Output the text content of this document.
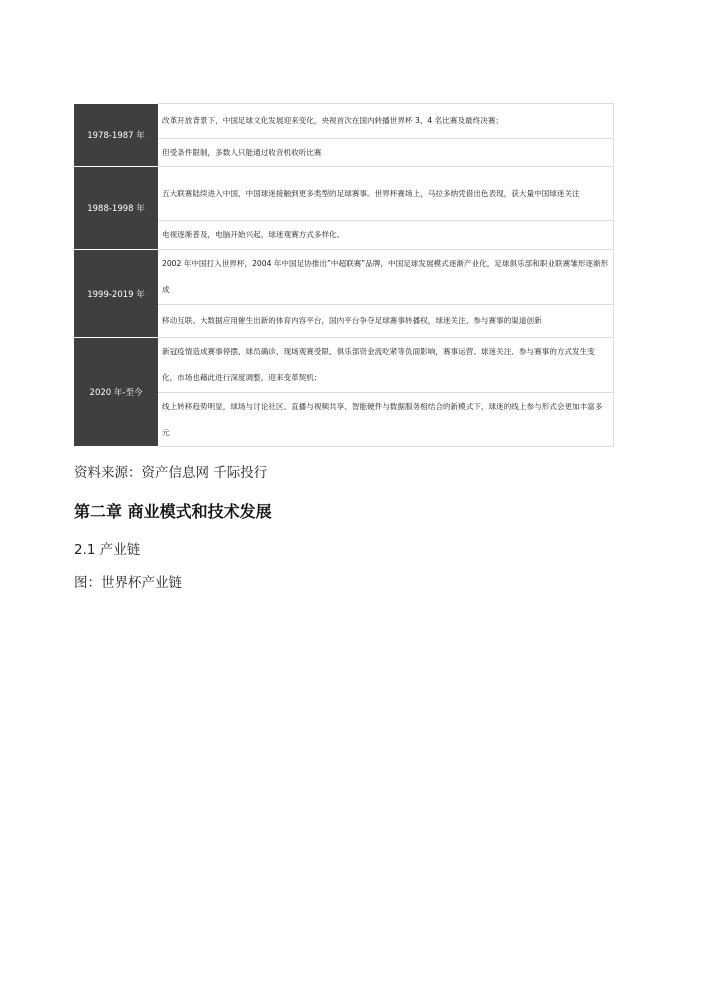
1978-1987 年	改革开放背景下，中国足球文化发展迎来变化，央视首次在国内转播世界杯 3、4 名比赛及最终决赛；
	但受条件限制，多数人只能通过收音机收听比赛
1988-1998 年	五大联赛陆续进入中国，中国球迷接触到更多类型的足球赛事。世界杯赛场上，马拉多纳凭借出色表现，获大量中国球迷关注
	电视逐渐普及，电脑开始兴起，球迷观赛方式多样化。
1999-2019 年	2002 年中国打入世界杯，2004 年中国足协推出”中超联赛”品牌，中国足球发展模式逐渐产业化，足球俱乐部和职业联赛雏形逐渐形成
	移动互联、大数据应用催生出新的体育内容平台，国内平台争夺足球赛事转播权，球迷关注、参与赛事的渠道创新
2020 年-至今	新冠疫情造成赛事停摆、球员确诊、现场观赛受限、俱乐部资金流吃紧等负面影响，赛事运营、球迷关注、参与赛事的方式发生变化，市场也藉此进行深度调整，迎来变革契机；
	线上转移趋势明显，球场与讨论社区、直播与视频共享、智能硬件与数据服务相结合的新模式下，球迷的线上参与形式会更加丰富多元
资料来源：资产信息网 千际投行
第二章 商业模式和技术发展
2.1 产业链
图：世界杯产业链
